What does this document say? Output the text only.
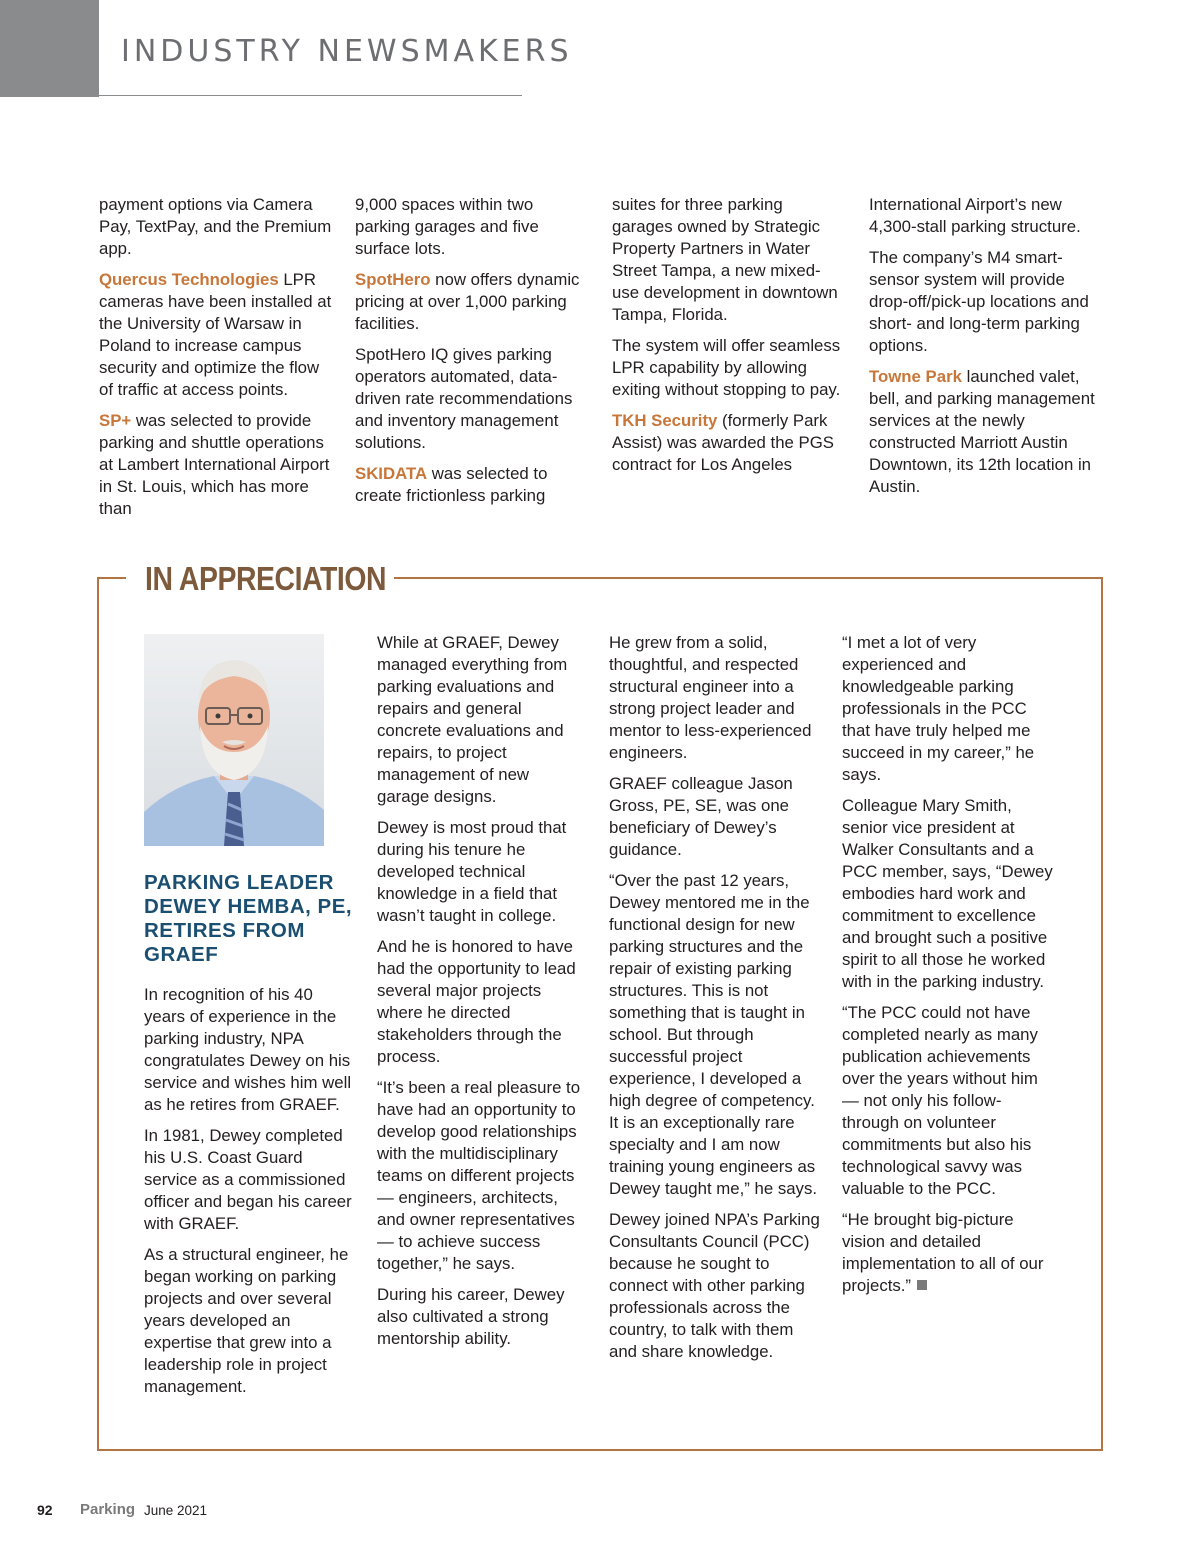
INDUSTRY NEWSMAKERS

payment options via Camera Pay, TextPay, and the Premium app.

Quercus Technologies LPR cameras have been installed at the University of Warsaw in Poland to increase campus security and optimize the flow of traffic at access points.

SP+ was selected to provide parking and shuttle operations at Lambert International Airport in St. Louis, which has more than

9,000 spaces within two parking garages and five surface lots.

SpotHero now offers dynamic pricing at over 1,000 parking facilities.

SpotHero IQ gives parking operators automated, data-driven rate recommendations and inventory management solutions.

SKIDATA was selected to create frictionless parking

suites for three parking garages owned by Strategic Property Partners in Water Street Tampa, a new mixed-use development in downtown Tampa, Florida.

The system will offer seamless LPR capability by allowing exiting without stopping to pay.

TKH Security (formerly Park Assist) was awarded the PGS contract for Los Angeles

International Airport’s new 4,300-stall parking structure.

The company’s M4 smart-sensor system will provide drop-off/pick-up locations and short- and long-term parking options.

Towne Park launched valet, bell, and parking management services at the newly constructed Marriott Austin Downtown, its 12th location in Austin.

IN APPRECIATION
PARKING LEADER DEWEY HEMBA, PE, RETIRES FROM GRAEF

In recognition of his 40 years of experience in the parking industry, NPA congratulates Dewey on his service and wishes him well as he retires from GRAEF.

In 1981, Dewey completed his U.S. Coast Guard service as a commissioned officer and began his career with GRAEF.

As a structural engineer, he began working on parking projects and over several years developed an expertise that grew into a leadership role in project management.

While at GRAEF, Dewey managed everything from parking evaluations and repairs and general concrete evaluations and repairs, to project management of new garage designs.

Dewey is most proud that during his tenure he developed technical knowledge in a field that wasn’t taught in college.

And he is honored to have had the opportunity to lead several major projects where he directed stakeholders through the process.

“It’s been a real pleasure to have had an opportunity to develop good relationships with the multidisciplinary teams on different projects — engineers, architects, and owner representatives — to achieve success together,” he says.

During his career, Dewey also cultivated a strong mentorship ability.

He grew from a solid, thoughtful, and respected structural engineer into a strong project leader and mentor to less-experienced engineers.

GRAEF colleague Jason Gross, PE, SE, was one beneficiary of Dewey’s guidance.

“Over the past 12 years, Dewey mentored me in the functional design for new parking structures and the repair of existing parking structures. This is not something that is taught in school. But through successful project experience, I developed a high degree of competency. It is an exceptionally rare specialty and I am now training young engineers as Dewey taught me,” he says.

Dewey joined NPA’s Parking Consultants Council (PCC) because he sought to connect with other parking professionals across the country, to talk with them and share knowledge.

“I met a lot of very experienced and knowledgeable parking professionals in the PCC that have truly helped me succeed in my career,” he says.

Colleague Mary Smith, senior vice president at Walker Consultants and a PCC member, says, “Dewey embodies hard work and commitment to excellence and brought such a positive spirit to all those he worked with in the parking industry.

“The PCC could not have completed nearly as many publication achievements over the years without him — not only his follow-through on volunteer commitments but also his technological savvy was valuable to the PCC.

“He brought big-picture vision and detailed implementation to all of our projects.”

92 Parking June 2021
